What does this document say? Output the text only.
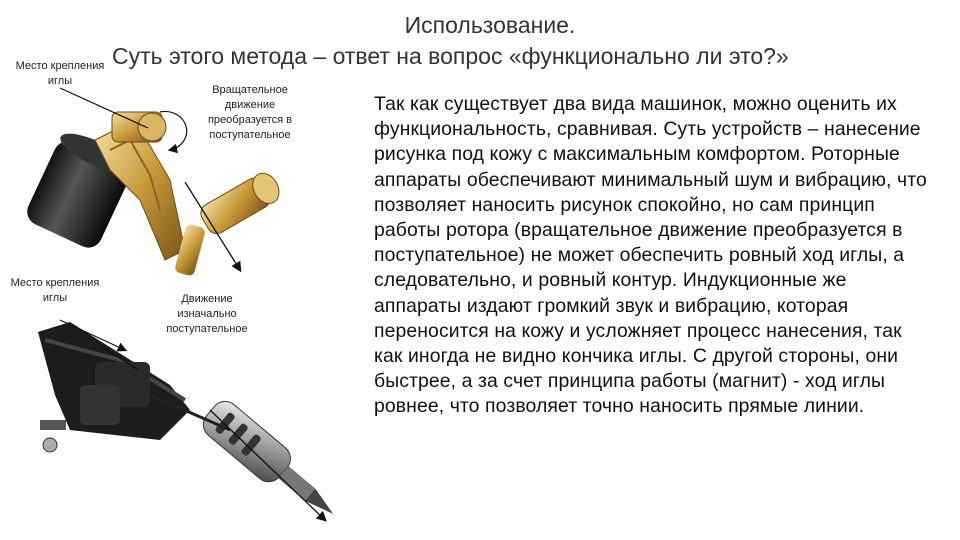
Использование.
Суть этого метода – ответ на вопрос «функционально ли это?»
Место крепления иглы
Вращательное движение преобразуется в поступательное
Место крепления иглы	Движение изначально поступательное
Так как существует два вида машинок, можно оценить их функциональность, сравнивая. Суть устройств – нанесение рисунка под кожу с максимальным комфортом. Роторные аппараты обеспечивают минимальный шум и вибрацию, что позволяет наносить рисунок спокойно, но сам принцип работы ротора (вращательное движение преобразуется в поступательное) не может обеспечить ровный ход иглы, а следовательно, и ровный контур. Индукционные же аппараты издают громкий звук и вибрацию, которая переносится на кожу и усложняет процесс нанесения, так как иногда не видно кончика иглы. С другой стороны, они быстрее, а за счет принципа работы (магнит) - ход иглы ровнее, что позволяет точно наносить прямые линии.
